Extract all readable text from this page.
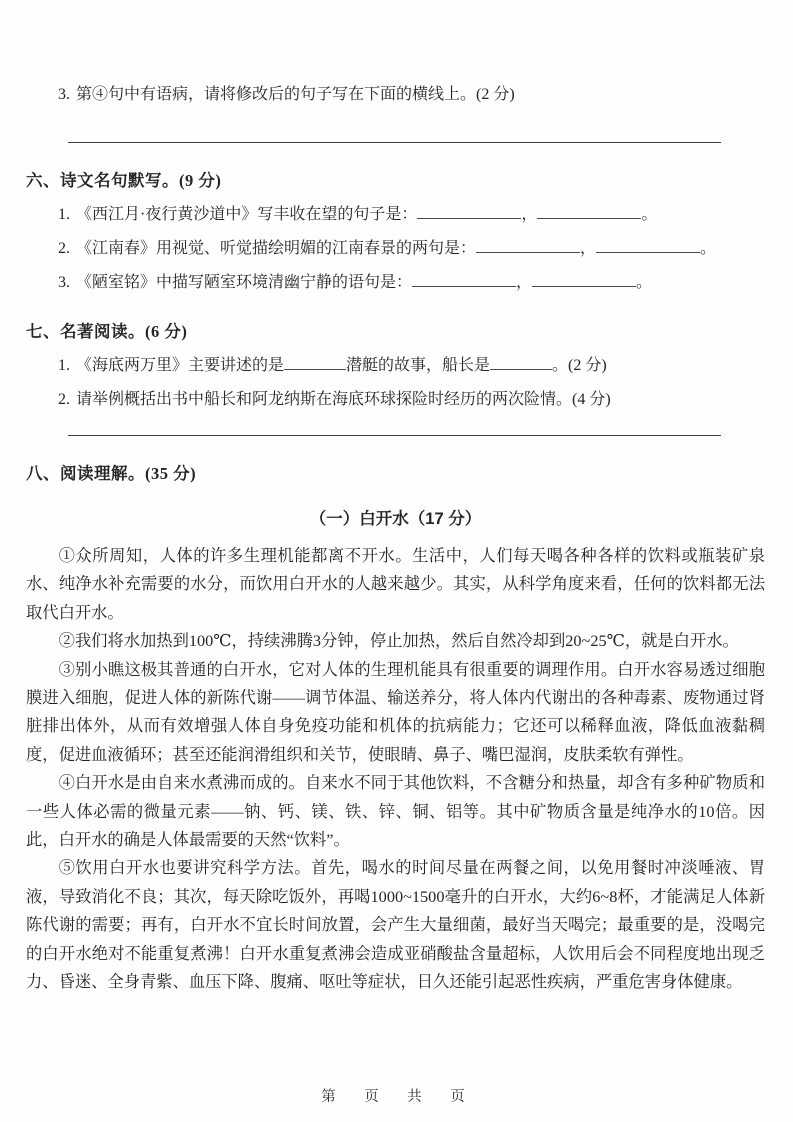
3. 第④句中有语病，请将修改后的句子写在下面的横线上。(2 分)
六、诗文名句默写。(9 分)

1. 《西江月·夜行黄沙道中》写丰收在望的句子是：	，	。

2. 《江南春》用视觉、听觉描绘明媚的江南春景的两句是：	，	。

3. 《陋室铭》中描写陋室环境清幽宁静的语句是：	，	。

七、名著阅读。(6 分)

1. 《海底两万里》主要讲述的是	潜艇的故事，船长是	。(2 分)

2. 请举例概括出书中船长和阿龙纳斯在海底环球探险时经历的两次险情。(4 分)

八、阅读理解。(35 分)
（一）白开水（17 分）

①众所周知，人体的许多生理机能都离不开水。生活中，人们每天喝各种各样的饮料或瓶装矿泉水、纯净水补充需要的水分，而饮用白开水的人越来越少。其实，从科学角度来看，任何的饮料都无法取代白开水。

②我们将水加热到100℃，持续沸腾3分钟，停止加热，然后自然冷却到20~25℃，就是白开水。

③别小瞧这极其普通的白开水，它对人体的生理机能具有很重要的调理作用。白开水容易透过细胞膜进入细胞，促进人体的新陈代谢——调节体温、输送养分，将人体内代谢出的各种毒素、废物通过肾脏排出体外，从而有效增强人体自身免疫功能和机体的抗病能力；它还可以稀释血液，降低血液黏稠度，促进血液循环；甚至还能润滑组织和关节，使眼睛、鼻子、嘴巴湿润，皮肤柔软有弹性。

④白开水是由自来水煮沸而成的。自来水不同于其他饮料，不含糖分和热量，却含有多种矿物质和一些人体必需的微量元素——钠、钙、镁、铁、锌、铜、铝等。其中矿物质含量是纯净水的10倍。因此，白开水的确是人体最需要的天然“饮料”。

⑤饮用白开水也要讲究科学方法。首先，喝水的时间尽量在两餐之间，以免用餐时冲淡唾液、胃液，导致消化不良；其次，每天除吃饭外，再喝1000~1500毫升的白开水，大约6~8杯，才能满足人体新陈代谢的需要；再有，白开水不宜长时间放置，会产生大量细菌，最好当天喝完；最重要的是，没喝完的白开水绝对不能重复煮沸！白开水重复煮沸会造成亚硝酸盐含量超标，人饮用后会不同程度地出现乏力、昏迷、全身青紫、血压下降、腹痛、呕吐等症状，日久还能引起恶性疾病，严重危害身体健康。

第　页　共　页
